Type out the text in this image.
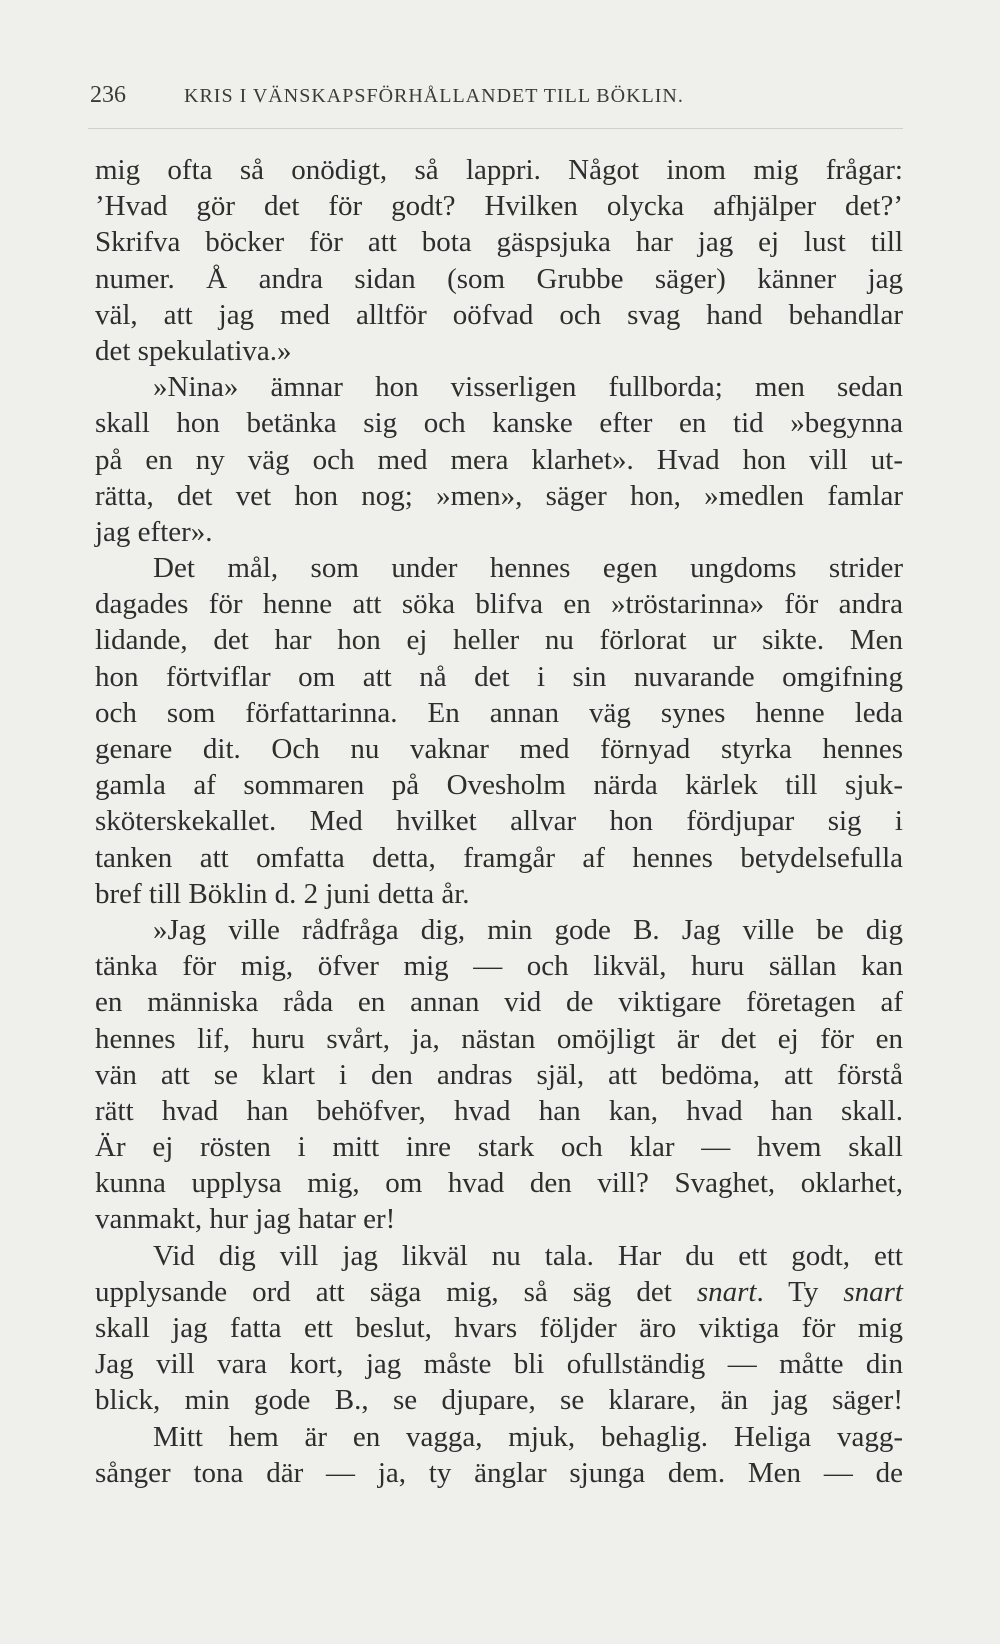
236	KRIS I VÄNSKAPSFÖRHÅLLANDET TILL BÖKLIN.
mig ofta så onödigt, så lappri. Något inom mig frågar:
’Hvad gör det för godt? Hvilken olycka afhjälper det?’
Skrifva böcker för att bota gäspsjuka har jag ej lust till
numer. Å andra sidan (som Grubbe säger) känner jag
väl, att jag med alltför oöfvad och svag hand behandlar
det spekulativa.»
»Nina» ämnar hon visserligen fullborda; men sedan
skall hon betänka sig och kanske efter en tid »begynna
på en ny väg och med mera klarhet». Hvad hon vill ut-
rätta, det vet hon nog; »men», säger hon, »medlen famlar
jag efter».
Det mål, som under hennes egen ungdoms strider
dagades för henne att söka blifva en »tröstarinna» för andra
lidande, det har hon ej heller nu förlorat ur sikte. Men
hon förtviflar om att nå det i sin nuvarande omgifning
och som författarinna. En annan väg synes henne leda
genare dit. Och nu vaknar med förnyad styrka hennes
gamla af sommaren på Ovesholm närda kärlek till sjuk-
sköterskekallet. Med hvilket allvar hon fördjupar sig i
tanken att omfatta detta, framgår af hennes betydelsefulla
bref till Böklin d. 2 juni detta år.
»Jag ville rådfråga dig, min gode B. Jag ville be dig
tänka för mig, öfver mig — och likväl, huru sällan kan
en människa råda en annan vid de viktigare företagen af
hennes lif, huru svårt, ja, nästan omöjligt är det ej för en
vän att se klart i den andras själ, att bedöma, att förstå
rätt hvad han behöfver, hvad han kan, hvad han skall.
Är ej rösten i mitt inre stark och klar — hvem skall
kunna upplysa mig, om hvad den vill? Svaghet, oklarhet,
vanmakt, hur jag hatar er!
Vid dig vill jag likväl nu tala. Har du ett godt, ett
upplysande ord att säga mig, så säg det snart. Ty snart
skall jag fatta ett beslut, hvars följder äro viktiga för mig
Jag vill vara kort, jag måste bli ofullständig — måtte din
blick, min gode B., se djupare, se klarare, än jag säger!
Mitt hem är en vagga, mjuk, behaglig. Heliga vagg-
sånger tona där — ja, ty änglar sjunga dem. Men — de
